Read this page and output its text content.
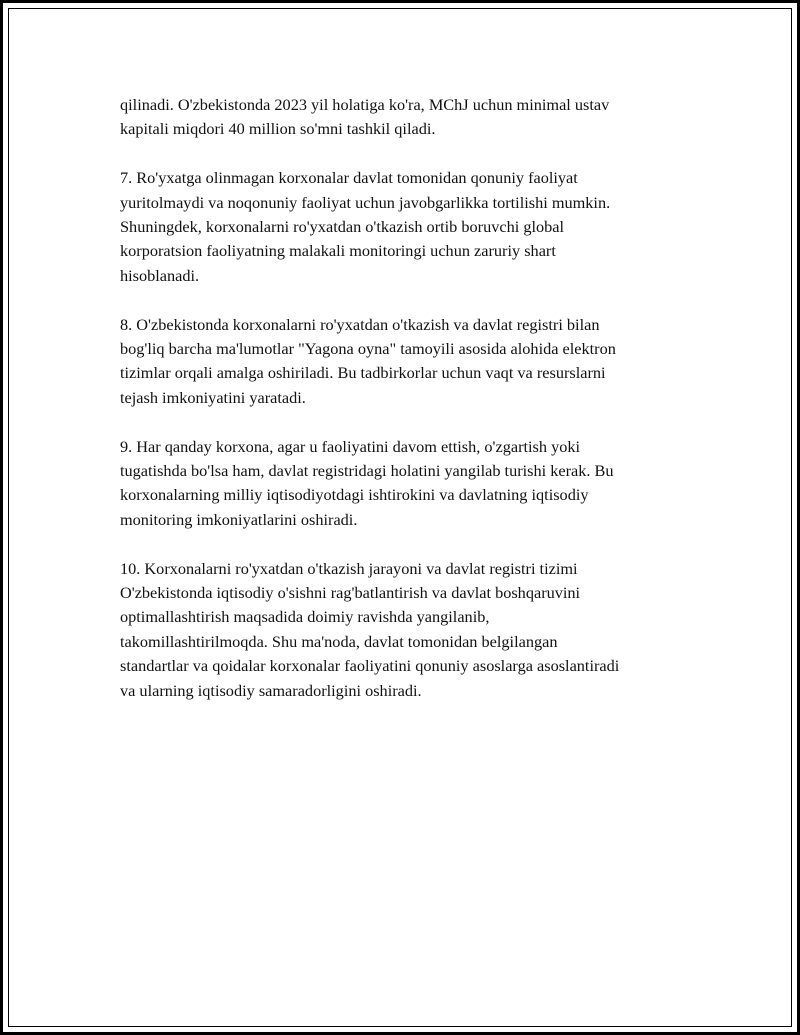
qilinadi. O'zbekistonda 2023 yil holatiga ko'ra, MChJ uchun minimal ustav
kapitali miqdori 40 million so'mni tashkil qiladi.

7. Ro'yxatga olinmagan korxonalar davlat tomonidan qonuniy faoliyat
yuritolmaydi va noqonuniy faoliyat uchun javobgarlikka tortilishi mumkin.
Shuningdek, korxonalarni ro'yxatdan o'tkazish ortib boruvchi global
korporatsion faoliyatning malakali monitoringi uchun zaruriy shart
hisoblanadi.

8. O'zbekistonda korxonalarni ro'yxatdan o'tkazish va davlat registri bilan
bog'liq barcha ma'lumotlar "Yagona oyna" tamoyili asosida alohida elektron
tizimlar orqali amalga oshiriladi. Bu tadbirkorlar uchun vaqt va resurslarni
tejash imkoniyatini yaratadi.

9. Har qanday korxona, agar u faoliyatini davom ettish, o'zgartish yoki
tugatishda bo'lsa ham, davlat registridagi holatini yangilab turishi kerak. Bu
korxonalarning milliy iqtisodiyotdagi ishtirokini va davlatning iqtisodiy
monitoring imkoniyatlarini oshiradi.

10. Korxonalarni ro'yxatdan o'tkazish jarayoni va davlat registri tizimi
O'zbekistonda iqtisodiy o'sishni rag'batlantirish va davlat boshqaruvini
optimallashtirish maqsadida doimiy ravishda yangilanib,
takomillashtirilmoqda. Shu ma'noda, davlat tomonidan belgilangan
standartlar va qoidalar korxonalar faoliyatini qonuniy asoslarga asoslantiradi
va ularning iqtisodiy samaradorligini oshiradi.
